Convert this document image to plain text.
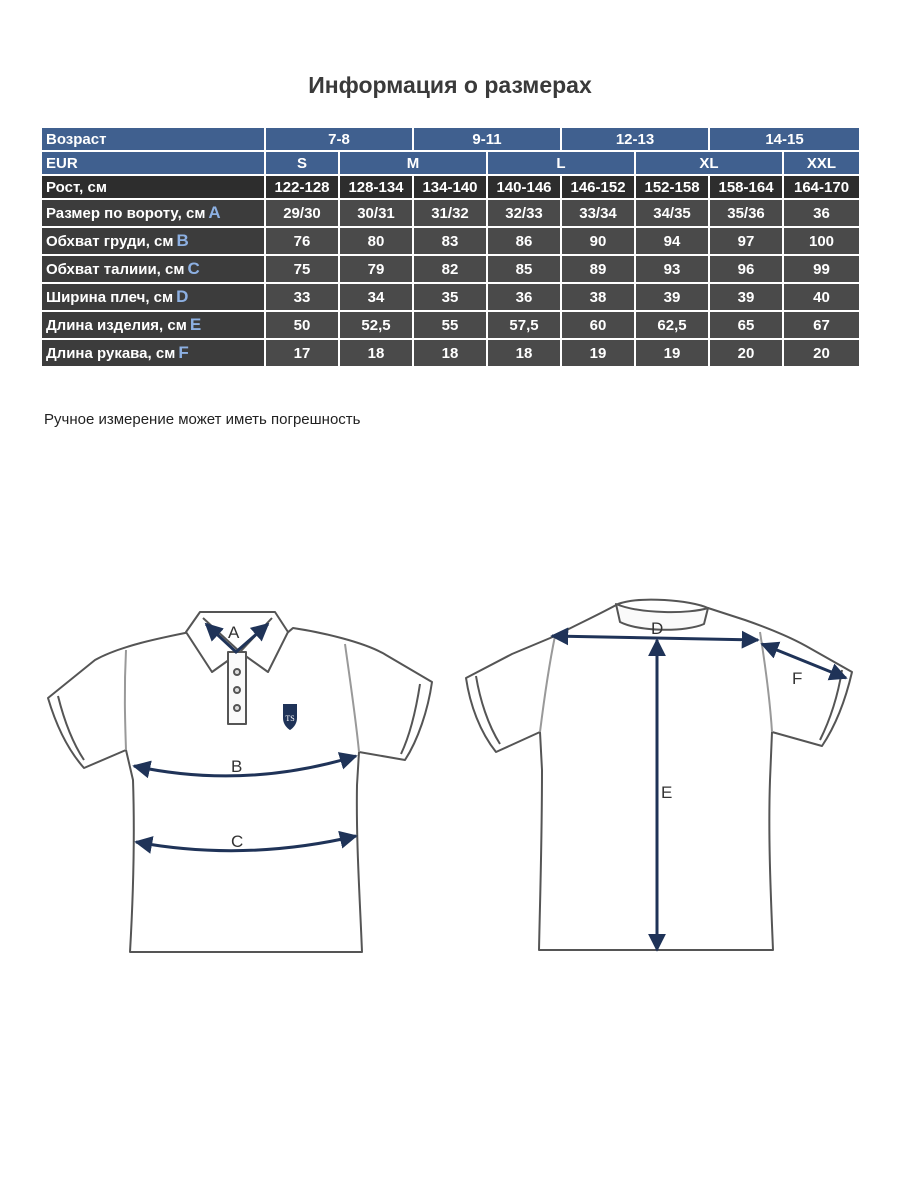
Информация о размерах
Возраст	7-8		9-11		12-13		14-15	
EUR	S	M		L		XL		XXL
Рост, см	122-128	128-134	134-140	140-146	146-152	152-158	158-164	164-170
Размер по вороту, см A	29/30	30/31	31/32	32/33	33/34	34/35	35/36	36
Обхват груди, см B	76	80	83	86	90	94	97	100
Обхват талиии, см C	75	79	82	85	89	93	96	99
Ширина плеч, см D	33	34	35	36	38	39	39	40
Длина изделия, см E	50	52,5	55	57,5	60	62,5	65	67
Длина рукава, см F	17	18	18	18	19	19	20	20
Ручное измерение может иметь погрешность
TS
A
B
C
D
E
F
